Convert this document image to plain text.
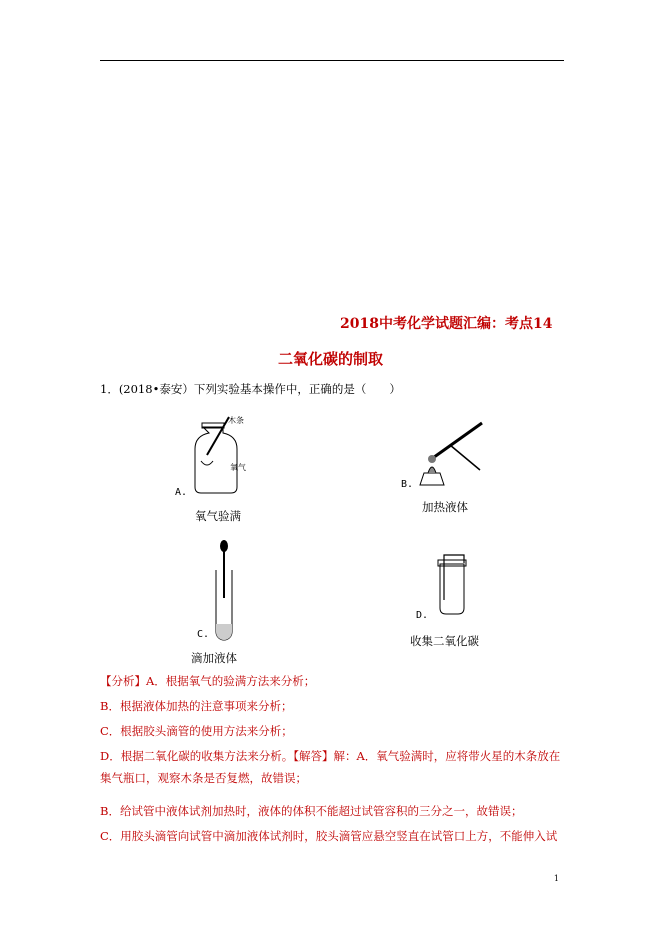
2018中考化学试题汇编：考点14
二氧化碳的制取
1．(2018•泰安）下列实验基本操作中，正确的是（　　）
木条
氧气
A.
氧气验满
B.
加热液体
C.
滴加液体
D.
收集二氧化碳
【分析】A．根据氧气的验满方法来分析；
B．根据液体加热的注意事项来分析；
C．根据胶头滴管的使用方法来分析；
D．根据二氧化碳的收集方法来分析。【解答】解：A．氧气验满时，应将带火星的木条放在集气瓶口，观察木条是否复燃，故错误；
B．给试管中液体试剂加热时，液体的体积不能超过试管容积的三分之一，故错误；
C．用胶头滴管向试管中滴加液体试剂时，胶头滴管应悬空竖直在试管口上方，不能伸入试
1
